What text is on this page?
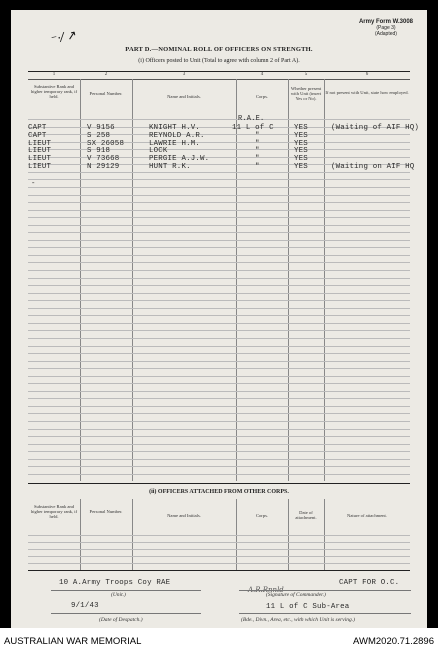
Army Form W.3008
(Page 3)
(Adapted)
⁻·⁄ ↗
PART D.—NOMINAL ROLL OF OFFICERS ON STRENGTH.
(i) Officers posted to Unit (Total to agree with column 2 of Part A).
1	2	3	4	5	6
Substantive Rank and higher temporary rank, if held.
Personal Number.
Name and Initials.	Corps.
Whether present with Unit (insert Yes or No).
If not present with Unit, state how employed.
R.A.E.
CAPT	V 9156	KNIGHT H.V.	11 L of C	YES	(Waiting of AIF HQ)
CAPT	S 258	REYNOLD A.R.	"	YES
LIEUT	SX 26058	LAWRIE H.M.	"	YES
LIEUT	S 918	LOCK	"	YES
LIEUT	V 73668	PERGIE A.J.W.	"	YES
LIEUT	N 29129	HUNT R.K.	"	YES	(Waiting on AIF HQ
-
(ii) OFFICERS ATTACHED FROM OTHER CORPS.
Substantive Rank and higher temporary rank, if held.
Personal Number.
Name and Initials.	Corps.
Date of attachment.	Nature of attachment.
10 A.Army Troops Coy RAE
(Unit.)
A.R.Rnnld
CAPT FOR O.C.
(Signature of Commander.)
9/1/43	11 L of C Sub-Area
(Date of Despatch.)	(Bde., Divn., Area, etc., with which Unit is serving.)
AUSTRALIAN WAR MEMORIAL	AWM2020.71.2896
